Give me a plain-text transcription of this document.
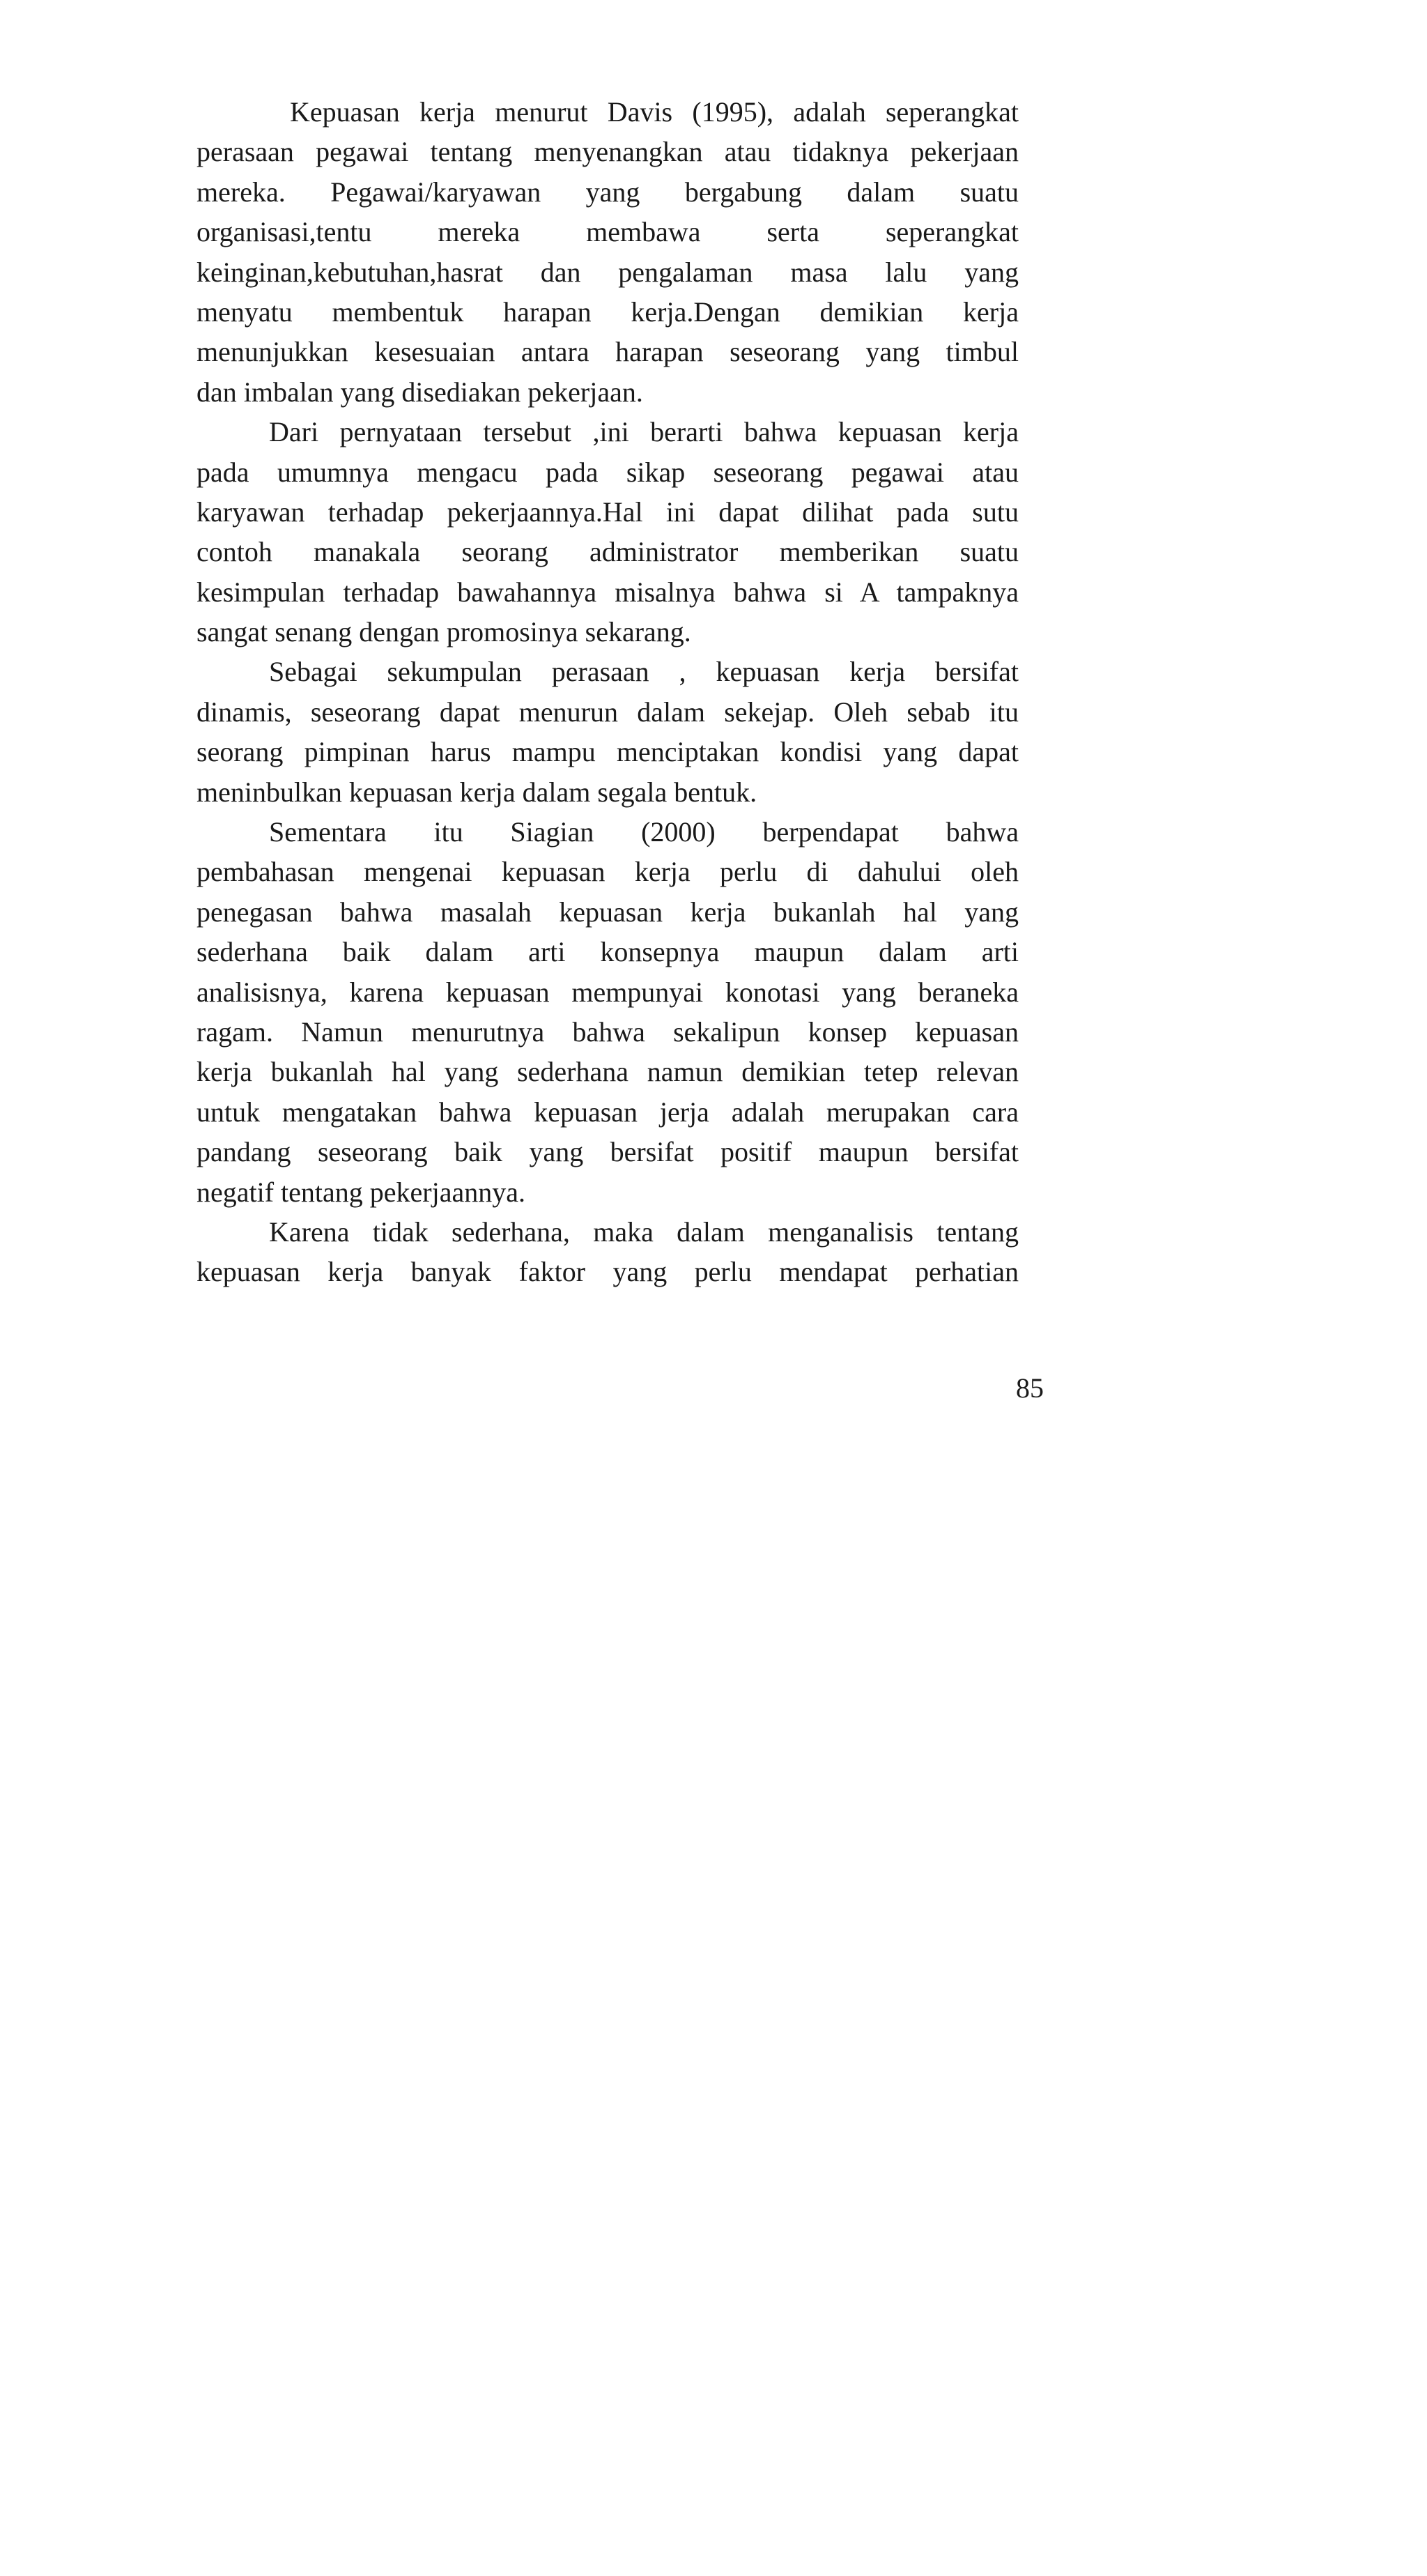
Kepuasan kerja menurut Davis (1995), adalah seperangkat
perasaan pegawai tentang menyenangkan atau tidaknya pekerjaan
mereka. Pegawai/karyawan yang bergabung dalam suatu
organisasi,tentu mereka membawa serta seperangkat
keinginan,kebutuhan,hasrat dan pengalaman masa lalu yang
menyatu membentuk harapan kerja.Dengan demikian kerja
menunjukkan kesesuaian antara harapan seseorang yang timbul
dan imbalan yang disediakan pekerjaan.
Dari pernyataan tersebut ,ini berarti bahwa kepuasan kerja
pada umumnya mengacu pada sikap seseorang pegawai atau
karyawan terhadap pekerjaannya.Hal ini dapat dilihat pada sutu
contoh manakala seorang administrator memberikan suatu
kesimpulan terhadap bawahannya misalnya bahwa si A tampaknya
sangat senang dengan promosinya sekarang.
Sebagai sekumpulan perasaan , kepuasan kerja bersifat
dinamis, seseorang dapat menurun dalam sekejap. Oleh sebab itu
seorang pimpinan harus mampu menciptakan kondisi yang dapat
meninbulkan kepuasan kerja dalam segala bentuk.
Sementara itu Siagian (2000) berpendapat bahwa
pembahasan mengenai kepuasan kerja perlu di dahului oleh
penegasan bahwa masalah kepuasan kerja bukanlah hal yang
sederhana baik dalam arti konsepnya maupun dalam arti
analisisnya, karena kepuasan mempunyai konotasi yang beraneka
ragam. Namun menurutnya bahwa sekalipun konsep kepuasan
kerja bukanlah hal yang sederhana namun demikian tetep relevan
untuk mengatakan bahwa kepuasan jerja adalah merupakan cara
pandang seseorang baik yang bersifat positif maupun bersifat
negatif tentang pekerjaannya.
Karena tidak sederhana, maka dalam menganalisis tentang
kepuasan kerja banyak faktor yang perlu mendapat perhatian
85
